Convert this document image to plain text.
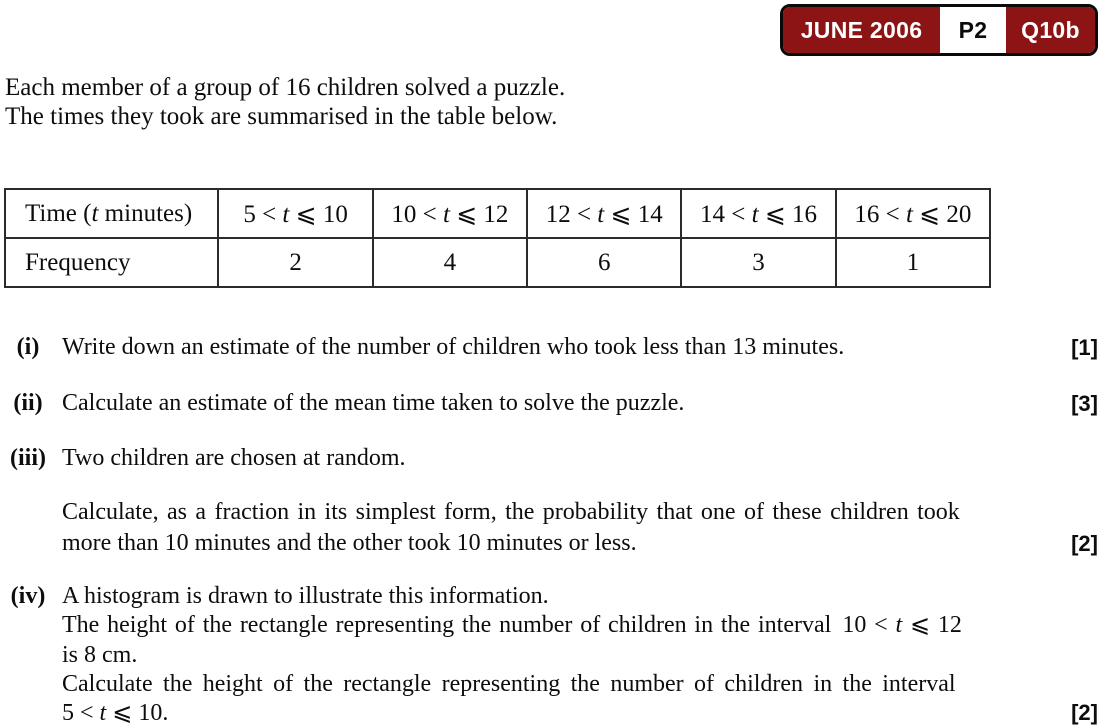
JUNE 2006	P2	Q10b
Each member of a group of 16 children solved a puzzle.
The times they took are summarised in the table below.
Time (t minutes)	5 < t ⩽ 10	10 < t ⩽ 12	12 < t ⩽ 14	14 < t ⩽ 16	16 < t ⩽ 20
Frequency	2	4	6	3	1
(i) Write down an estimate of the number of children who took less than 13 minutes.
(ii) Calculate an estimate of the mean time taken to solve the puzzle.
(iii) Two children are chosen at random.
Calculate, as a fraction in its simplest form, the probability that one of these children took
more than 10 minutes and the other took 10 minutes or less.
(iv) A histogram is drawn to illustrate this information.
The height of the rectangle representing the number of children in the interval 10 < t ⩽ 12
is 8 cm.
Calculate the height of the rectangle representing the number of children in the interval
5 < t ⩽ 10.
[1]
[3]
[2]
[2]
